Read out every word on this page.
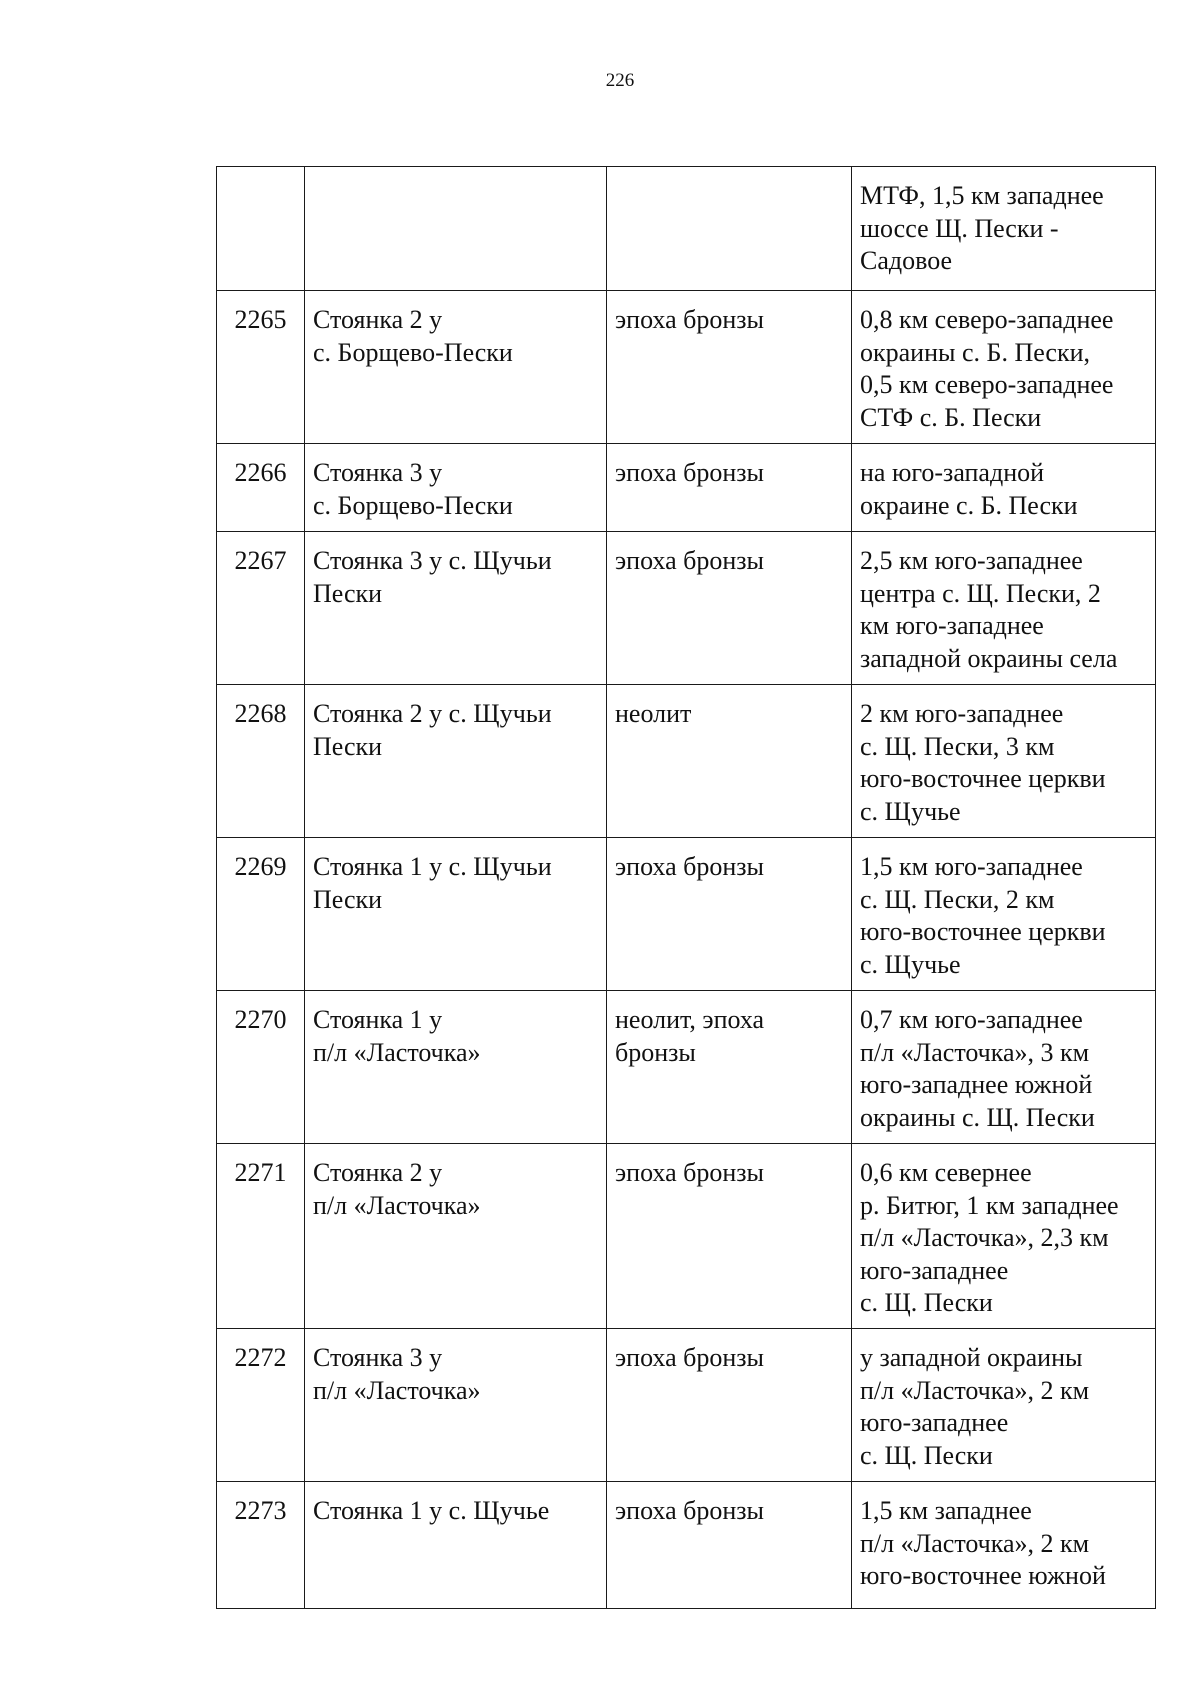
226
			МТФ, 1,5 км западнее
шоссе Щ. Пески -
Садовое
2265	Стоянка 2 у
с. Борщево-Пески	эпоха бронзы	0,8 км северо-западнее
окраины с. Б. Пески,
0,5 км северо-западнее
СТФ с. Б. Пески
2266	Стоянка 3 у
с. Борщево-Пески	эпоха бронзы	на юго-западной
окраине с. Б. Пески
2267	Стоянка 3 у с. Щучьи
Пески	эпоха бронзы	2,5 км юго-западнее
центра с. Щ. Пески, 2
км юго-западнее
западной окраины села
2268	Стоянка 2 у с. Щучьи
Пески	неолит	2 км юго-западнее
с. Щ. Пески, 3 км
юго-восточнее церкви
с. Щучье
2269	Стоянка 1 у с. Щучьи
Пески	эпоха бронзы	1,5 км юго-западнее
с. Щ. Пески, 2 км
юго-восточнее церкви
с. Щучье
2270	Стоянка 1 у
п/л «Ласточка»	неолит, эпоха
бронзы	0,7 км юго-западнее
п/л «Ласточка», 3 км
юго-западнее южной
окраины с. Щ. Пески
2271	Стоянка 2 у
п/л «Ласточка»	эпоха бронзы	0,6 км севернее
р. Битюг, 1 км западнее
п/л «Ласточка», 2,3 км
юго-западнее
с. Щ. Пески
2272	Стоянка 3 у
п/л «Ласточка»	эпоха бронзы	у западной окраины
п/л «Ласточка», 2 км
юго-западнее
с. Щ. Пески
2273	Стоянка 1 у с. Щучье	эпоха бронзы	1,5 км западнее
п/л «Ласточка», 2 км
юго-восточнее южной
